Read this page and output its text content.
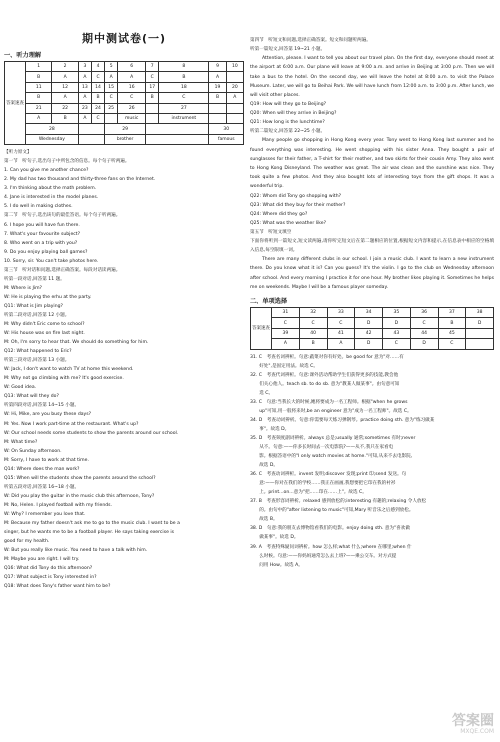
期中测试卷(一)
一、听力理解
答案速查	1	2	3	4	5	6	7	8	9	10
	B	A	A	C	A	A	C	B	A	
	11	12	13	14	15	16	17	18	19	20
	B	A	A	B	C	C	B	C	B	A
	21	22	23	24	25	26		27		
	A	B	A	C		music		instrument		
	28				29				30	
	Wednesday				brother				famous	
【听力原文】
第一节　听句子,选出句子中所包含的信息。每个句子听两遍。
1. Can you give me another chance?
2. My dad has two thousand and thirty-three fans on the Internet.
3. I'm thinking about the math problem.
4. Jane is interested in the model planes.
5. I do well in making clothes.
第二节　听句子,选出该句的最佳答语。每个句子听两遍。
6. I hope you will have fun there.
7. What's your favourite subject?
8. Who went on a trip with you?
9. Do you enjoy playing ball games?
10. Sorry, sir. You can't take photos here.
第三节　听对话和问题,选择正确答案。每段对话读两遍。
听第一段对话,回答第 11 题。
M: Where is Jim?
W: He is playing the erhu at the party.
Q11: What is Jim playing?
听第二段对话,回答第 12 小题。
M: Why didn't Eric come to school?
W: His house was on fire last night.
M: Oh, I'm sorry to hear that. We should do something for him.
Q12: What happened to Eric?
听第三段对话,回答第 13 小题。
W: Jack, I don't want to watch TV at home this weekend.
M: Why not go climbing with me? It's good exercise.
W: Good idea.
Q13: What will they do?
听第四段对话,回答第 14~15 小题。
W: Hi, Mike, are you busy these days?
M: Yes. Now I work part-time at the restaurant. What's up?
W: Our school needs some students to show the parents around our school.
M: What time?
W: On Sunday afternoon.
M: Sorry, I have to work at that time.
Q14: Where does the man work?
Q15: When will the students show the parents around the school?
听第五段对话,回答第 16~18 小题。
W: Did you play the guitar in the music club this afternoon, Tony?
M: No, Helen. I played football with my friends.
W: Why? I remember you love that.
M: Because my father doesn't ask me to go to the music club. I want to be a
singer, but he wants me to be a football player. He says taking exercise is
good for my health.
W: But you really like music. You need to have a talk with him.
M: Maybe you are right. I will try.
Q16: What did Tony do this afternoon?
Q17: What subject is Tony interested in?
Q18: What does Tony's father want him to be?
第四节　听短文和问题,选择正确答案。短文和问题听两遍。
听第一篇短文,回答第 19~21 小题。
Attention, please. I want to tell you about our travel plan. On the first day, everyone should meet at the airport at 6:00 a.m. Our plane will leave at 9:00 a.m. and arrive in Beijing at 3:00 p.m. Then we will take a bus to the hotel. On the second day, we will leave the hotel at 8:00 a.m. to visit the Palace Museum. Later, we will go to Beihai Park. We will have lunch from 12:00 a.m. to 3:00 p.m. After lunch, we will visit other places.
Q19: How will they go to Beijing?
Q20: When will they arrive in Beijing?
Q21: How long is the lunchtime?
听第二篇短文,回答第 22~25 小题。
Many people go shopping in Hong Kong every year. Tony went to Hong Kong last summer and he found everything was interesting. He went shopping with his sister Anna. They bought a pair of sunglasses for their father, a T-shirt for their mother, and two skirts for their cousin Amy. They also went to Hong Kong Disneyland. The weather was great. The air was clean and the sunshine was nice. They took quite a few photos. And they also bought lots of interesting toys from the gift shops. It was a wonderful trip.
Q22: Whom did Tony go shopping with?
Q23: What did they buy for their mother?
Q24: Where did they go?
Q25: What was the weather like?
第五节　听短文填空
下面你将听到一篇短文,短文读两遍,请你听完短文后在第二题相应的位置,根据短文内容和提示,在信息表中相应的空格填入信息,每空限填一词。
There are many different clubs in our school. I join a music club. I want to learn a new instrument there. Do you know what it is? Can you guess? It's the violin. I go to the club on Wednesday afternoon after school. And every morning I practice it for one hour. My brother likes playing it. Sometimes he helps me on weekends. Maybe I will be a famous player someday.
二、单项选择
答案速查	31	32	33	34	35	36	37	38
	C	C	C	D	D	C	B	D
	39	40	41	42	43	44	45	
	A	B	A	D	C	D	C	
31. C　考查名词辨析。句意:蔬菜对你有好处。be good for 意为"对……有
　　好处",是固定用法。故选 C。
32. C　考查代词辨析。句意:课外活动帮助学生们获得更多的技能,教会他
　　们关心他人。teach sb. to do sb. 意为"教某人做某事"。由句意可知
　　选 C。
33. C　句意:当我长大的时候,她将要成为一名工程师。根据"when he grows
　　up"可知,用一般将来时,be an engineer 意为"成为一名工程师"。故选 C。
34. D　考查动词辨析。句意:你需要每天练习弹钢琴。practice doing sth. 意为"练习做某
　　事"。故选 D。
35. D　考查频度副词辨析。always 总是;usually 通常;sometimes 有时;never
　　从不。句意:——你多长时间去一次电影院?——从不,我只在家看电
　　影。根据答语中的"I only watch movies at home."可知,从来不去电影院,
　　故选 D。
36. C　考查动词辨析。invent 发明;discover 发现;print 印;send 发送。句
　　意:——你对在我们的学校……我正在画画,我想要把它印在我的衬衫
　　上。print...on...意为"把……印在……上"。故选 C。
37. B　考查形容词辨析。relaxed 感到放松的;interesting 有趣的;relaxing 令人放松
　　的。由句中的"after listening to music"可知,Mary 听音乐之后感到放松。
　　故选 B。
38. D　句意:我的朋友去博物馆看我们的电影。enjoy doing sth. 意为"喜欢做
　　做某事"。故选 D。
39. A　考查特殊疑问词辨析。how 怎么样;what 什么;where 在哪里;when 什
　　么时候。句意:——你妈妈通常怎么去上班?——乘公交车。对方式提
　　问用 How。故选 A。
答案圈
MXQE.COM
